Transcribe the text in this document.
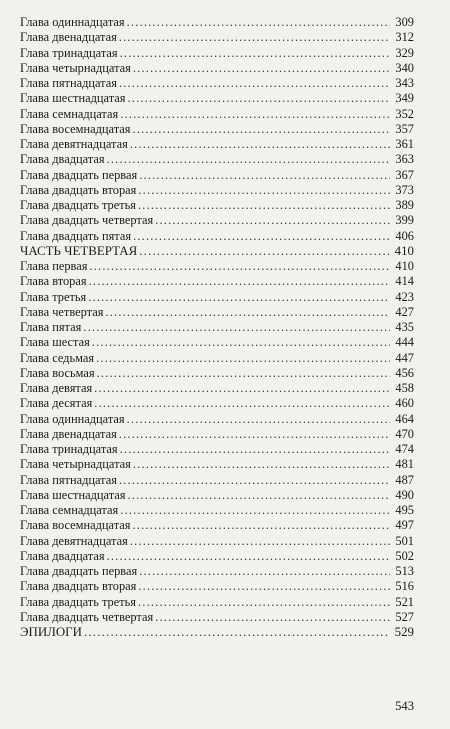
Глава одиннадцатая .....	309
Глава двенадцатая .....	312
Глава тринадцатая .....	329
Глава четырнадцатая .....	340
Глава пятнадцатая .....	343
Глава шестнадцатая .....	349
Глава семнадцатая .....	352
Глава восемнадцатая .....	357
Глава девятнадцатая .....	361
Глава двадцатая .....	363
Глава двадцать первая .....	367
Глава двадцать вторая .....	373
Глава двадцать третья .....	389
Глава двадцать четвертая .....	399
Глава двадцать пятая .....	406
ЧАСТЬ ЧЕТВЕРТАЯ .....	410
Глава первая .....	410
Глава вторая .....	414
Глава третья .....	423
Глава четвертая .....	427
Глава пятая .....	435
Глава шестая .....	444
Глава седьмая .....	447
Глава восьмая .....	456
Глава девятая .....	458
Глава десятая .....	460
Глава одиннадцатая .....	464
Глава двенадцатая .....	470
Глава тринадцатая .....	474
Глава четырнадцатая .....	481
Глава пятнадцатая .....	487
Глава шестнадцатая .....	490
Глава семнадцатая .....	495
Глава восемнадцатая .....	497
Глава девятнадцатая .....	501
Глава двадцатая .....	502
Глава двадцать первая .....	513
Глава двадцать вторая .....	516
Глава двадцать третья .....	521
Глава двадцать четвертая .....	527
ЭПИЛОГИ .....	529
543
